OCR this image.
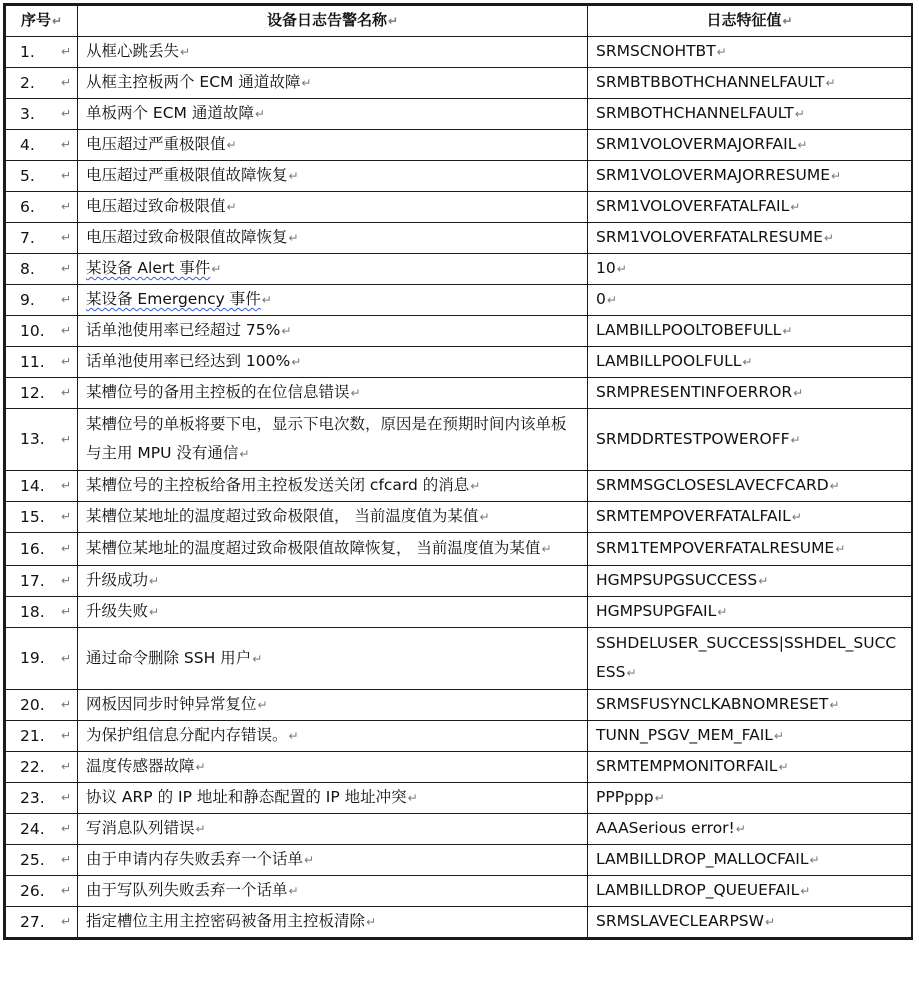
序号↵	设备日志告警名称↵	日志特征值↵
1. ↵	从框心跳丢失↵	SRMSCNOHTBT↵
2. ↵	从框主控板两个 ECM 通道故障↵	SRMBTBBOTHCHANNELFAULT↵
3. ↵	单板两个 ECM 通道故障↵	SRMBOTHCHANNELFAULT↵
4. ↵	电压超过严重极限值↵	SRM1VOLOVERMAJORFAIL↵
5. ↵	电压超过严重极限值故障恢复↵	SRM1VOLOVERMAJORRESUME↵
6. ↵	电压超过致命极限值↵	SRM1VOLOVERFATALFAIL↵
7. ↵	电压超过致命极限值故障恢复↵	SRM1VOLOVERFATALRESUME↵
8. ↵	某设备 Alert 事件↵	10↵
9. ↵	某设备 Emergency 事件↵	0↵
10. ↵	话单池使用率已经超过 75%↵	LAMBILLPOOLTOBEFULL↵
11. ↵	话单池使用率已经达到 100%↵	LAMBILLPOOLFULL↵
12. ↵	某槽位号的备用主控板的在位信息错误↵	SRMPRESENTINFOERROR↵
13. ↵	某槽位号的单板将要下电，显示下电次数，原因是在预期时间内该单板与主用 MPU 没有通信↵	SRMDDRTESTPOWEROFF↵
14. ↵	某槽位号的主控板给备用主控板发送关闭 cfcard 的消息↵	SRMMSGCLOSESLAVECFCARD↵
15. ↵	某槽位某地址的温度超过致命极限值， 当前温度值为某值↵	SRMTEMPOVERFATALFAIL↵
16. ↵	某槽位某地址的温度超过致命极限值故障恢复， 当前温度值为某值↵	SRM1TEMPOVERFATALRESUME↵
17. ↵	升级成功↵	HGMPSUPGSUCCESS↵
18. ↵	升级失败↵	HGMPSUPGFAIL↵
19. ↵	通过命令删除 SSH 用户↵	SSHDELUSER_SUCCESS|SSHDEL_SUCCESS↵
20. ↵	网板因同步时钟异常复位↵	SRMSFUSYNCLKABNOMRESET↵
21. ↵	为保护组信息分配内存错误。↵	TUNN_PSGV_MEM_FAIL↵
22. ↵	温度传感器故障↵	SRMTEMPMONITORFAIL↵
23. ↵	协议 ARP 的 IP 地址和静态配置的 IP 地址冲突↵	PPPppp↵
24. ↵	写消息队列错误↵	AAASerious error!↵
25. ↵	由于申请内存失败丢弃一个话单↵	LAMBILLDROP_MALLOCFAIL↵
26. ↵	由于写队列失败丢弃一个话单↵	LAMBILLDROP_QUEUEFAIL↵
27. ↵	指定槽位主用主控密码被备用主控板清除↵	SRMSLAVECLEARPSW↵
